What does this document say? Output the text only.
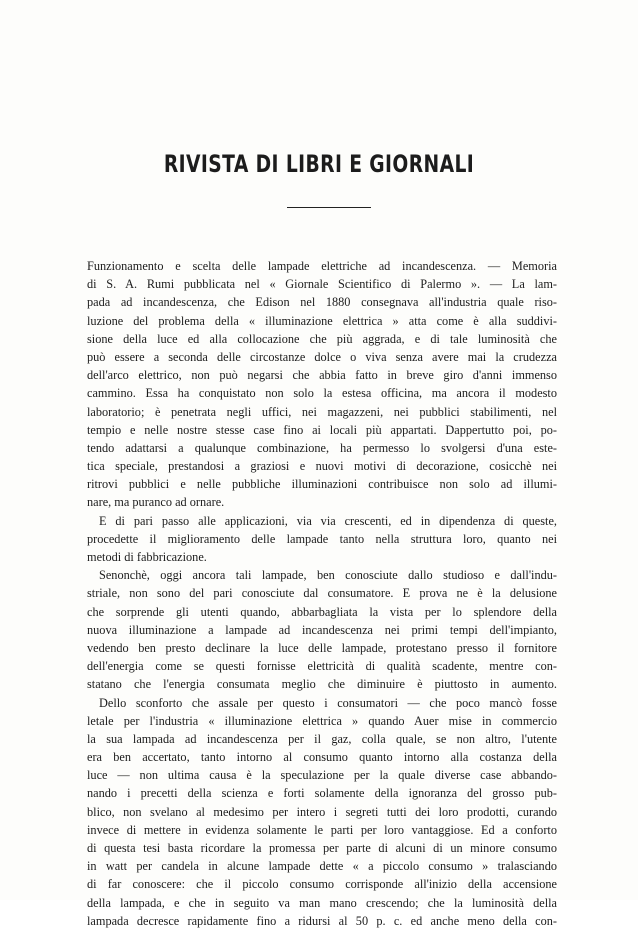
RIVISTA DI LIBRI E GIORNALI
Funzionamento e scelta delle lampade elettriche ad incandescenza. — Memoria
di S. A. Rumi pubblicata nel « Giornale Scientifico di Palermo ». — La lam-
pada ad incandescenza, che Edison nel 1880 consegnava all'industria quale riso-
luzione del problema della « illuminazione elettrica » atta come è alla suddivi-
sione della luce ed alla collocazione che più aggrada, e di tale luminosità che
può essere a seconda delle circostanze dolce o viva senza avere mai la crudezza
dell'arco elettrico, non può negarsi che abbia fatto in breve giro d'anni immenso
cammino. Essa ha conquistato non solo la estesa officina, ma ancora il modesto
laboratorio; è penetrata negli uffici, nei magazzeni, nei pubblici stabilimenti, nel
tempio e nelle nostre stesse case fino ai locali più appartati. Dappertutto poi, po-
tendo adattarsi a qualunque combinazione, ha permesso lo svolgersi d'una este-
tica speciale, prestandosi a graziosi e nuovi motivi di decorazione, cosicchè nei
ritrovi pubblici e nelle pubbliche illuminazioni contribuisce non solo ad illumi-
nare, ma puranco ad ornare.
E di pari passo alle applicazioni, via via crescenti, ed in dipendenza di queste,
procedette il miglioramento delle lampade tanto nella struttura loro, quanto nei
metodi di fabbricazione.
Senonchè, oggi ancora tali lampade, ben conosciute dallo studioso e dall'indu-
striale, non sono del pari conosciute dal consumatore. E prova ne è la delusione
che sorprende gli utenti quando, abbarbagliata la vista per lo splendore della
nuova illuminazione a lampade ad incandescenza nei primi tempi dell'impianto,
vedendo ben presto declinare la luce delle lampade, protestano presso il fornitore
dell'energia come se questi fornisse elettricità di qualità scadente, mentre con-
statano che l'energia consumata meglio che diminuire è piuttosto in aumento.
Dello sconforto che assale per questo i consumatori — che poco mancò fosse
letale per l'industria « illuminazione elettrica » quando Auer mise in commercio
la sua lampada ad incandescenza per il gaz, colla quale, se non altro, l'utente
era ben accertato, tanto intorno al consumo quanto intorno alla costanza della
luce — non ultima causa è la speculazione per la quale diverse case abbando-
nando i precetti della scienza e forti solamente della ignoranza del grosso pub-
blico, non svelano al medesimo per intero i segreti tutti dei loro prodotti, curando
invece di mettere in evidenza solamente le parti per loro vantaggiose. Ed a conforto
di questa tesi basta ricordare la promessa per parte di alcuni di un minore consumo
in watt per candela in alcune lampade dette « a piccolo consumo » tralasciando
di far conoscere: che il piccolo consumo corrisponde all'inizio della accensione
della lampada, e che in seguito va man mano crescendo; che la luminosità della
lampada decresce rapidamente fino a ridursi al 50 p. c. ed anche meno della con-
